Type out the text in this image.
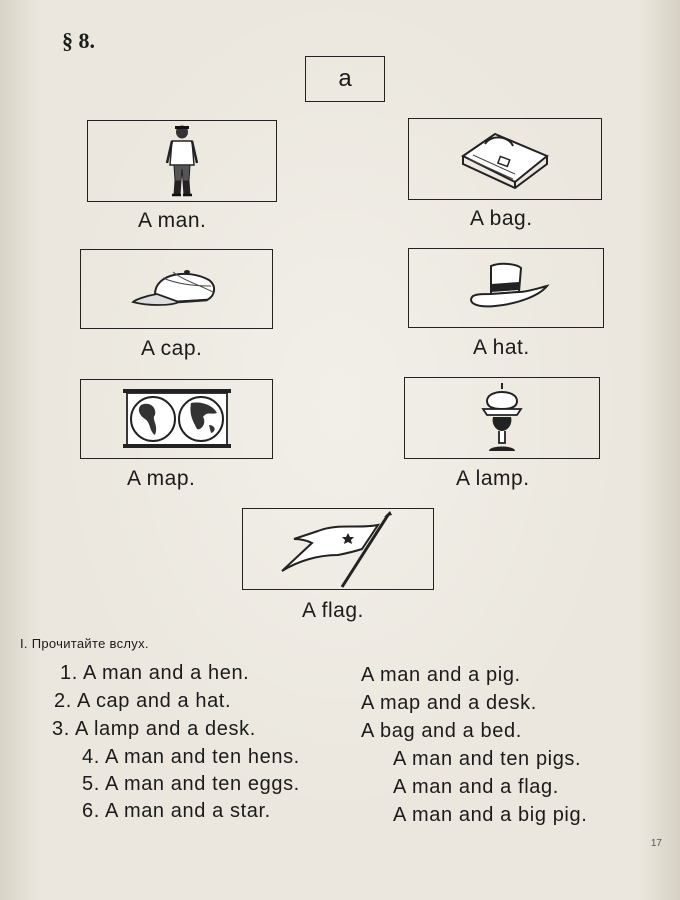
§ 8.
a
A man.	A bag.
A cap.	A hat.
A map.	A lamp.
A flag.
I. Прочитайте вслух.
1. A man and a hen.	A man and a pig.
2. A cap and a hat.	A map and a desk.
3. A lamp and a desk.	A bag and a bed.
4. A man and ten hens.	A man and ten pigs.
5. A man and ten eggs.	A man and a flag.
6. A man and a star.	A man and a big pig.
17
